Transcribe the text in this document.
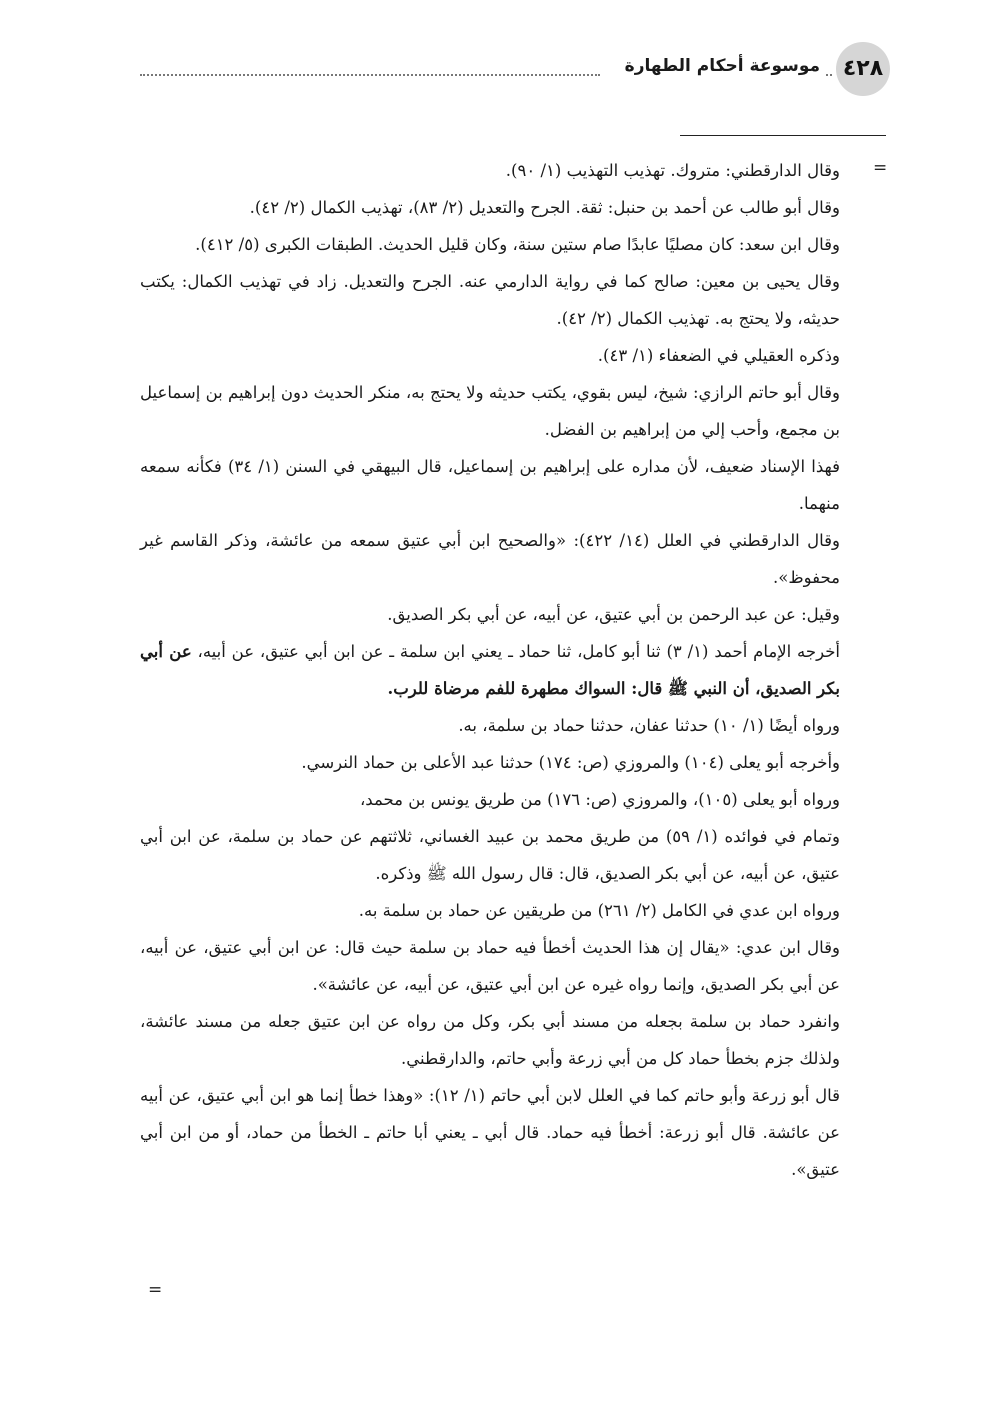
موسوعة أحكام الطهارة	٤٢٨
=
=

وقال الدارقطني: متروك. تهذيب التهذيب (١/ ٩٠).

وقال أبو طالب عن أحمد بن حنبل: ثقة. الجرح والتعديل (٢/ ٨٣)، تهذيب الكمال (٢/ ٤٢).

وقال ابن سعد: كان مصليًا عابدًا صام ستين سنة، وكان قليل الحديث. الطبقات الكبرى (٥/ ٤١٢).

وقال يحيى بن معين: صالح كما في رواية الدارمي عنه. الجرح والتعديل. زاد في تهذيب الكمال: يكتب حديثه، ولا يحتج به. تهذيب الكمال (٢/ ٤٢).

وذكره العقيلي في الضعفاء (١/ ٤٣).

وقال أبو حاتم الرازي: شيخ، ليس بقوي، يكتب حديثه ولا يحتج به، منكر الحديث دون إبراهيم بن إسماعيل بن مجمع، وأحب إلي من إبراهيم بن الفضل.

فهذا الإسناد ضعيف، لأن مداره على إبراهيم بن إسماعيل، قال البيهقي في السنن (١/ ٣٤) فكأنه سمعه منهما.

وقال الدارقطني في العلل (١٤/ ٤٢٢): «والصحيح ابن أبي عتيق سمعه من عائشة، وذكر القاسم غير محفوظ».

وقيل: عن عبد الرحمن بن أبي عتيق، عن أبيه، عن أبي بكر الصديق.

أخرجه الإمام أحمد (١/ ٣) ثنا أبو كامل، ثنا حماد ـ يعني ابن سلمة ـ عن ابن أبي عتيق، عن أبيه، عن أبي بكر الصديق، أن النبي ﷺ قال: السواك مطهرة للفم مرضاة للرب.

ورواه أيضًا (١/ ١٠) حدثنا عفان، حدثنا حماد بن سلمة، به.

وأخرجه أبو يعلى (١٠٤) والمروزي (ص: ١٧٤) حدثنا عبد الأعلى بن حماد النرسي.

ورواه أبو يعلى (١٠٥)، والمروزي (ص: ١٧٦) من طريق يونس بن محمد،

وتمام في فوائده (١/ ٥٩) من طريق محمد بن عبيد الغساني، ثلاثتهم عن حماد بن سلمة، عن ابن أبي عتيق، عن أبيه، عن أبي بكر الصديق، قال: قال رسول الله ﷺ وذكره.

ورواه ابن عدي في الكامل (٢/ ٢٦١) من طريقين عن حماد بن سلمة به.

وقال ابن عدي: «يقال إن هذا الحديث أخطأ فيه حماد بن سلمة حيث قال: عن ابن أبي عتيق، عن أبيه، عن أبي بكر الصديق، وإنما رواه غيره عن ابن أبي عتيق، عن أبيه، عن عائشة».

وانفرد حماد بن سلمة بجعله من مسند أبي بكر، وكل من رواه عن ابن عتيق جعله من مسند عائشة، ولذلك جزم بخطأ حماد كل من أبي زرعة وأبي حاتم، والدارقطني.

قال أبو زرعة وأبو حاتم كما في العلل لابن أبي حاتم (١/ ١٢): «وهذا خطأ إنما هو ابن أبي عتيق، عن أبيه عن عائشة. قال أبو زرعة: أخطأ فيه حماد. قال أبي ـ يعني أبا حاتم ـ الخطأ من حماد، أو من ابن أبي عتيق».
